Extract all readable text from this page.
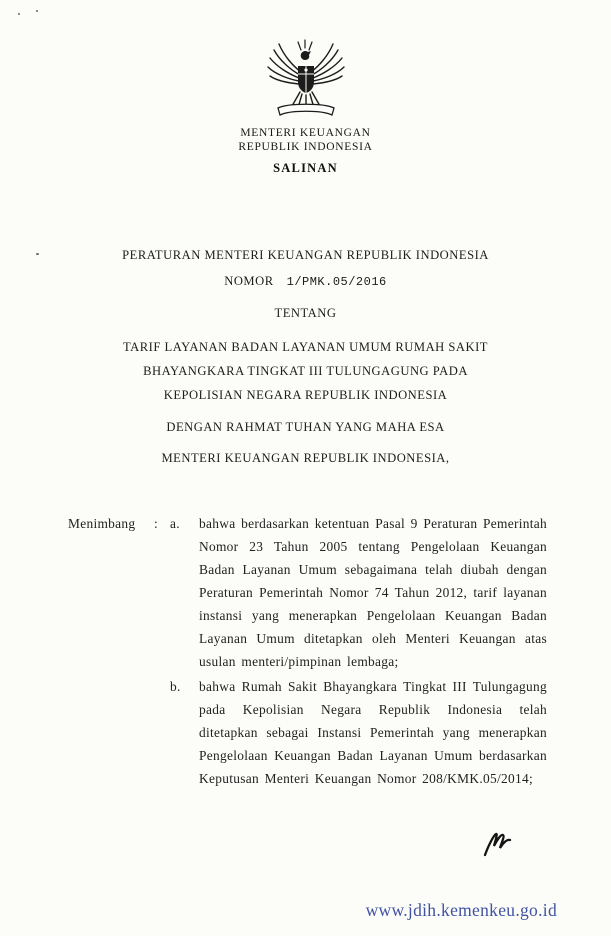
MENTERI KEUANGAN
REPUBLIK INDONESIA
SALINAN
PERATURAN MENTERI KEUANGAN REPUBLIK INDONESIA
NOMOR 1/PMK.05/2016
TENTANG
TARIF LAYANAN BADAN LAYANAN UMUM RUMAH SAKIT
BHAYANGKARA TINGKAT III TULUNGAGUNG PADA
KEPOLISIAN NEGARA REPUBLIK INDONESIA
DENGAN RAHMAT TUHAN YANG MAHA ESA
MENTERI KEUANGAN REPUBLIK INDONESIA,
Menimbang	: a.	bahwa berdasarkan ketentuan Pasal 9 Peraturan Pemerintah Nomor 23 Tahun 2005 tentang Pengelolaan Keuangan Badan Layanan Umum sebagaimana telah diubah dengan Peraturan Pemerintah Nomor 74 Tahun 2012, tarif layanan instansi yang menerapkan Pengelolaan Keuangan Badan Layanan Umum ditetapkan oleh Menteri Keuangan atas usulan menteri/pimpinan lembaga;
b.	bahwa Rumah Sakit Bhayangkara Tingkat III Tulungagung pada Kepolisian Negara Republik Indonesia telah ditetapkan sebagai Instansi Pemerintah yang menerapkan Pengelolaan Keuangan Badan Layanan Umum berdasarkan Keputusan Menteri Keuangan Nomor 208/KMK.05/2014;
www.jdih.kemenkeu.go.id
